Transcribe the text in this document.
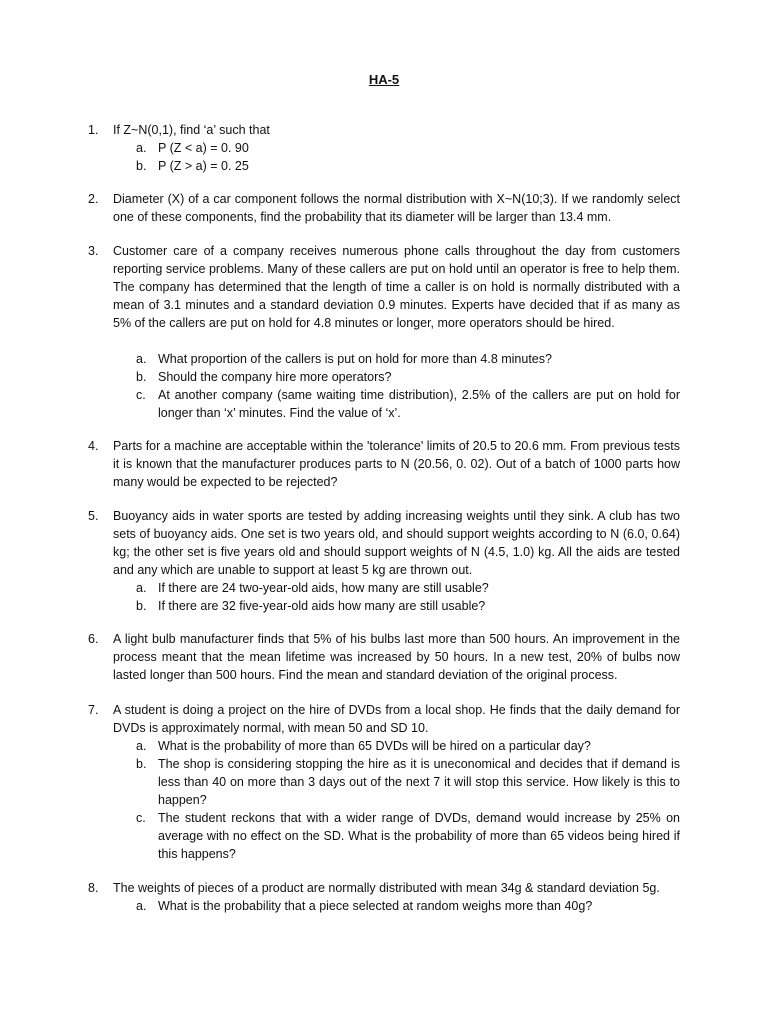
HA-5
1.	If Z~N(0,1), find ‘a’ such that
a. P (Z < a) = 0. 90
b. P (Z > a) = 0. 25
2.	Diameter (X) of a car component follows the normal distribution with X~N(10;3). If we randomly select one of these components, find the probability that its diameter will be larger than 13.4 mm.
3.	Customer care of a company receives numerous phone calls throughout the day from customers reporting service problems. Many of these callers are put on hold until an operator is free to help them. The company has determined that the length of time a caller is on hold is normally distributed with a mean of 3.1 minutes and a standard deviation 0.9 minutes. Experts have decided that if as many as 5% of the callers are put on hold for 4.8 minutes or longer, more operators should be hired.
a. What proportion of the callers is put on hold for more than 4.8 minutes?
b. Should the company hire more operators?
c. At another company (same waiting time distribution), 2.5% of the callers are put on hold for longer than ‘x’ minutes. Find the value of ‘x’.
4.	Parts for a machine are acceptable within the 'tolerance' limits of 20.5 to 20.6 mm. From previous tests it is known that the manufacturer produces parts to N (20.56, 0. 02). Out of a batch of 1000 parts how many would be expected to be rejected?
5.	Buoyancy aids in water sports are tested by adding increasing weights until they sink. A club has two sets of buoyancy aids. One set is two years old, and should support weights according to N (6.0, 0.64) kg; the other set is five years old and should support weights of N (4.5, 1.0) kg. All the aids are tested and any which are unable to support at least 5 kg are thrown out.
a. If there are 24 two-year-old aids, how many are still usable?
b. If there are 32 five-year-old aids how many are still usable?
6.	A light bulb manufacturer finds that 5% of his bulbs last more than 500 hours. An improvement in the process meant that the mean lifetime was increased by 50 hours. In a new test, 20% of bulbs now lasted longer than 500 hours. Find the mean and standard deviation of the original process.
7.	A student is doing a project on the hire of DVDs from a local shop. He finds that the daily demand for DVDs is approximately normal, with mean 50 and SD 10.
a. What is the probability of more than 65 DVDs will be hired on a particular day?
b. The shop is considering stopping the hire as it is uneconomical and decides that if demand is less than 40 on more than 3 days out of the next 7 it will stop this service. How likely is this to happen?
c. The student reckons that with a wider range of DVDs, demand would increase by 25% on average with no effect on the SD. What is the probability of more than 65 videos being hired if this happens?
8.	The weights of pieces of a product are normally distributed with mean 34g & standard deviation 5g.
a. What is the probability that a piece selected at random weighs more than 40g?
